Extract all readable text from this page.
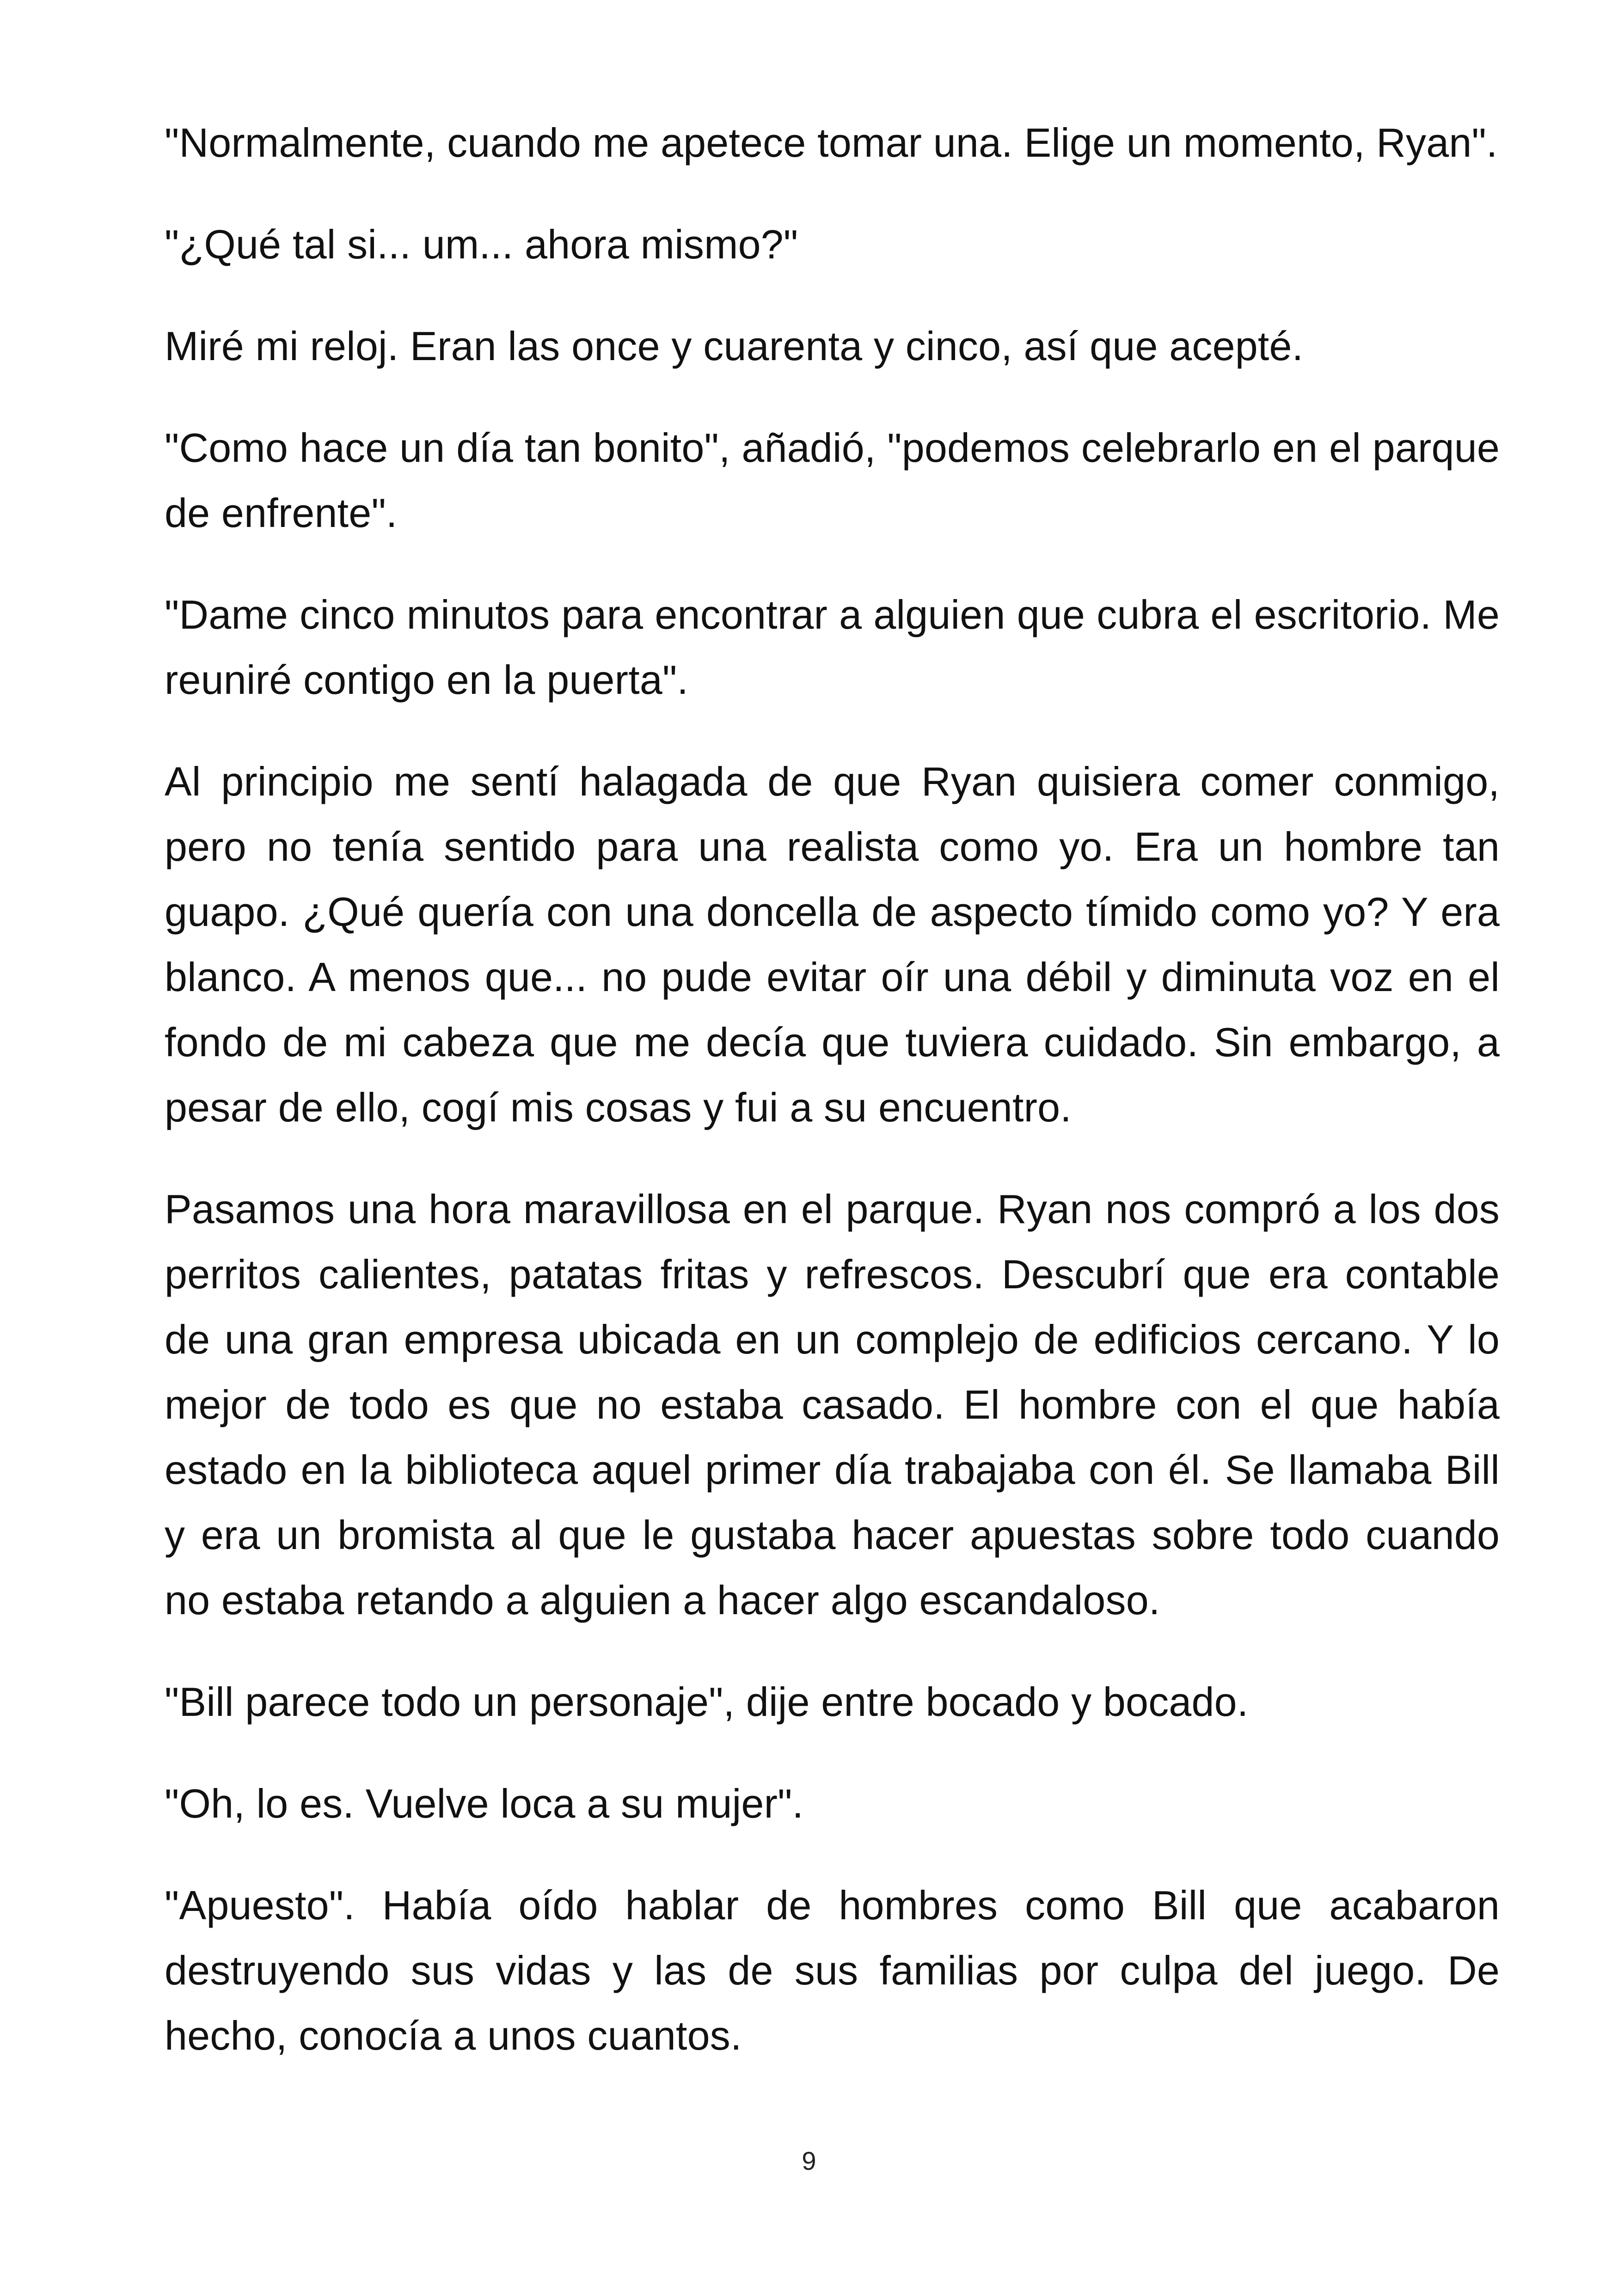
"Normalmente, cuando me apetece tomar una. Elige un momento, Ryan".

"¿Qué tal si... um... ahora mismo?"

Miré mi reloj. Eran las once y cuarenta y cinco, así que acepté.

"Como hace un día tan bonito", añadió, "podemos celebrarlo en el parque de enfrente".

"Dame cinco minutos para encontrar a alguien que cubra el escritorio. Me reuniré contigo en la puerta".

Al principio me sentí halagada de que Ryan quisiera comer conmigo, pero no tenía sentido para una realista como yo. Era un hombre tan guapo. ¿Qué quería con una doncella de aspecto tímido como yo? Y era blanco. A menos que... no pude evitar oír una débil y diminuta voz en el fondo de mi cabeza que me decía que tuviera cuidado. Sin embargo, a pesar de ello, cogí mis cosas y fui a su encuentro.

Pasamos una hora maravillosa en el parque. Ryan nos compró a los dos perritos calientes, patatas fritas y refrescos. Descubrí que era contable de una gran empresa ubicada en un complejo de edificios cercano. Y lo mejor de todo es que no estaba casado. El hombre con el que había estado en la biblioteca aquel primer día trabajaba con él. Se llamaba Bill y era un bromista al que le gustaba hacer apuestas sobre todo cuando no estaba retando a alguien a hacer algo escandaloso.

"Bill parece todo un personaje", dije entre bocado y bocado.

"Oh, lo es. Vuelve loca a su mujer".

"Apuesto". Había oído hablar de hombres como Bill que acabaron destruyendo sus vidas y las de sus familias por culpa del juego. De hecho, conocía a unos cuantos.

9
